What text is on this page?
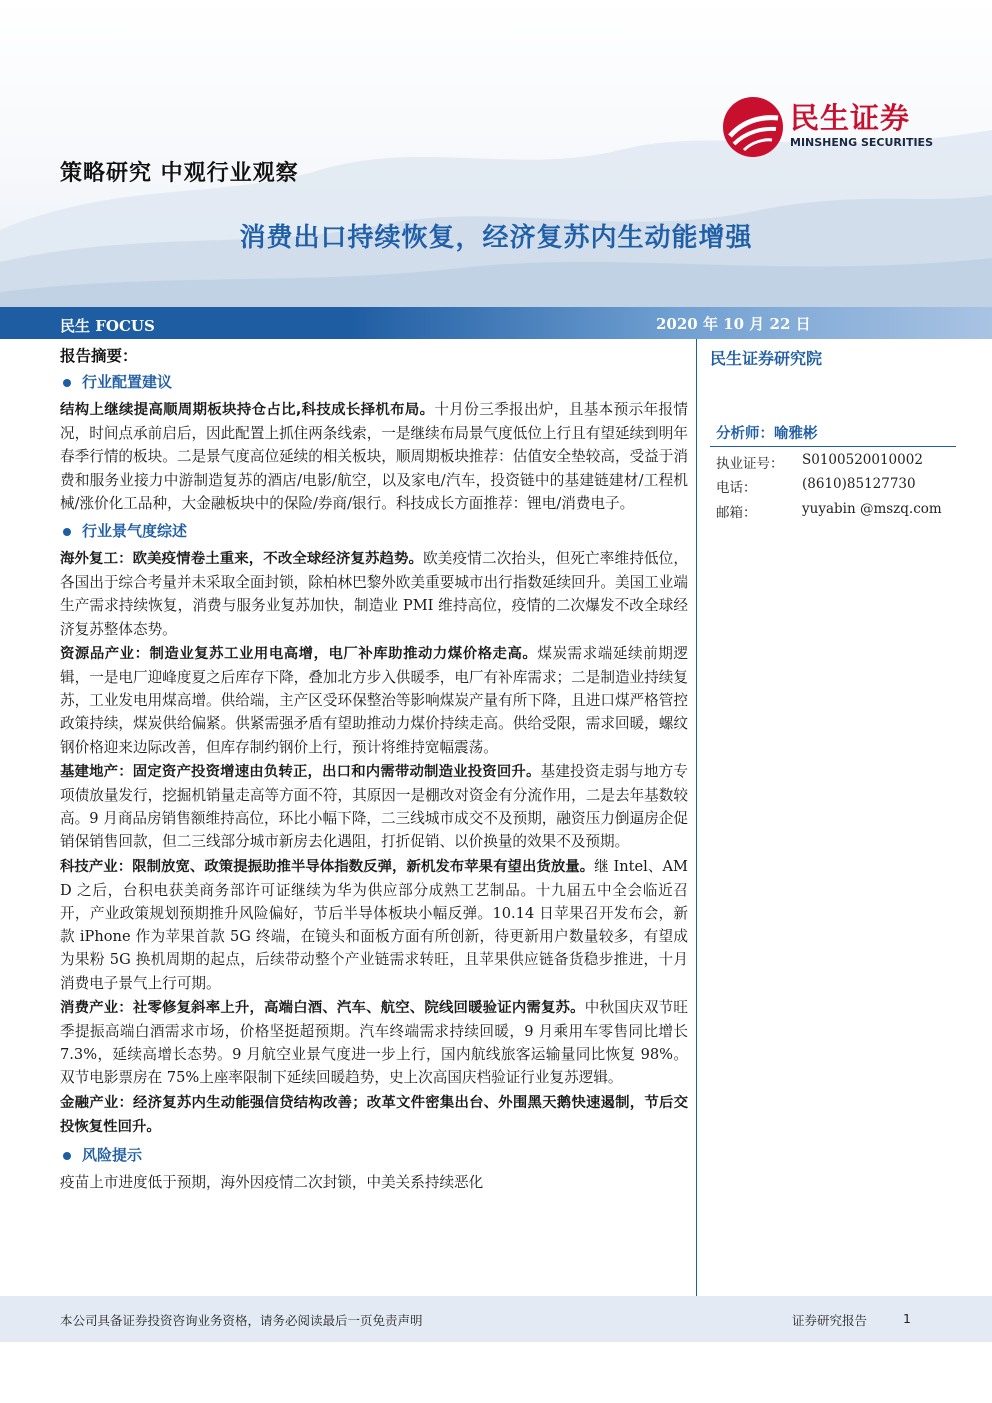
民生证券
MINSHENG SECURITIES
策略研究 中观行业观察
消费出口持续恢复，经济复苏内生动能增强
民生 FOCUS	2020 年 10 月 22 日
报告摘要：
行业配置建议
结构上继续提高顺周期板块持仓占比,科技成长择机布局。十月份三季报出炉，且基本预示年报情况，时间点承前启后，因此配置上抓住两条线索，一是继续布局景气度低位上行且有望延续到明年春季行情的板块。二是景气度高位延续的相关板块，顺周期板块推荐：估值安全垫较高，受益于消费和服务业接力中游制造复苏的酒店/电影/航空，以及家电/汽车，投资链中的基建链建材/工程机械/涨价化工品种，大金融板块中的保险/券商/银行。科技成长方面推荐：锂电/消费电子。
行业景气度综述
海外复工：欧美疫情卷土重来，不改全球经济复苏趋势。欧美疫情二次抬头，但死亡率维持低位，各国出于综合考量并未采取全面封锁，除柏林巴黎外欧美重要城市出行指数延续回升。美国工业端生产需求持续恢复，消费与服务业复苏加快，制造业 PMI 维持高位，疫情的二次爆发不改全球经济复苏整体态势。
资源品产业：制造业复苏工业用电高增，电厂补库助推动力煤价格走高。煤炭需求端延续前期逻辑，一是电厂迎峰度夏之后库存下降，叠加北方步入供暖季，电厂有补库需求；二是制造业持续复苏，工业发电用煤高增。供给端，主产区受环保整治等影响煤炭产量有所下降，且进口煤严格管控政策持续，煤炭供给偏紧。供紧需强矛盾有望助推动力煤价持续走高。供给受限，需求回暖，螺纹钢价格迎来边际改善，但库存制约钢价上行，预计将维持宽幅震荡。
基建地产：固定资产投资增速由负转正，出口和内需带动制造业投资回升。基建投资走弱与地方专项债放量发行，挖掘机销量走高等方面不符，其原因一是棚改对资金有分流作用，二是去年基数较高。9 月商品房销售额维持高位，环比小幅下降，二三线城市成交不及预期，融资压力倒逼房企促销保销售回款，但二三线部分城市新房去化遇阻，打折促销、以价换量的效果不及预期。
科技产业：限制放宽、政策提振助推半导体指数反弹，新机发布苹果有望出货放量。继 Intel、AMD 之后，台积电获美商务部许可证继续为华为供应部分成熟工艺制品。十九届五中全会临近召开，产业政策规划预期推升风险偏好，节后半导体板块小幅反弹。10.14 日苹果召开发布会，新款 iPhone 作为苹果首款 5G 终端，在镜头和面板方面有所创新，待更新用户数量较多，有望成为果粉 5G 换机周期的起点，后续带动整个产业链需求转旺，且苹果供应链备货稳步推进，十月消费电子景气上行可期。
消费产业：社零修复斜率上升，高端白酒、汽车、航空、院线回暖验证内需复苏。中秋国庆双节旺季提振高端白酒需求市场，价格坚挺超预期。汽车终端需求持续回暖，9 月乘用车零售同比增长 7.3%，延续高增长态势。9 月航空业景气度进一步上行，国内航线旅客运输量同比恢复 98%。双节电影票房在 75%上座率限制下延续回暖趋势，史上次高国庆档验证行业复苏逻辑。
金融产业：经济复苏内生动能强信贷结构改善；改革文件密集出台、外围黑天鹅快速遏制，节后交投恢复性回升。
风险提示
疫苗上市进度低于预期，海外因疫情二次封锁，中美关系持续恶化
民生证券研究院
分析师：喻雅彬
执业证号： S0100520010002
电话：	(8610)85127730
邮箱：	yuyabin @mszq.com
本公司具备证券投资咨询业务资格，请务必阅读最后一页免责声明	证券研究报告	1
